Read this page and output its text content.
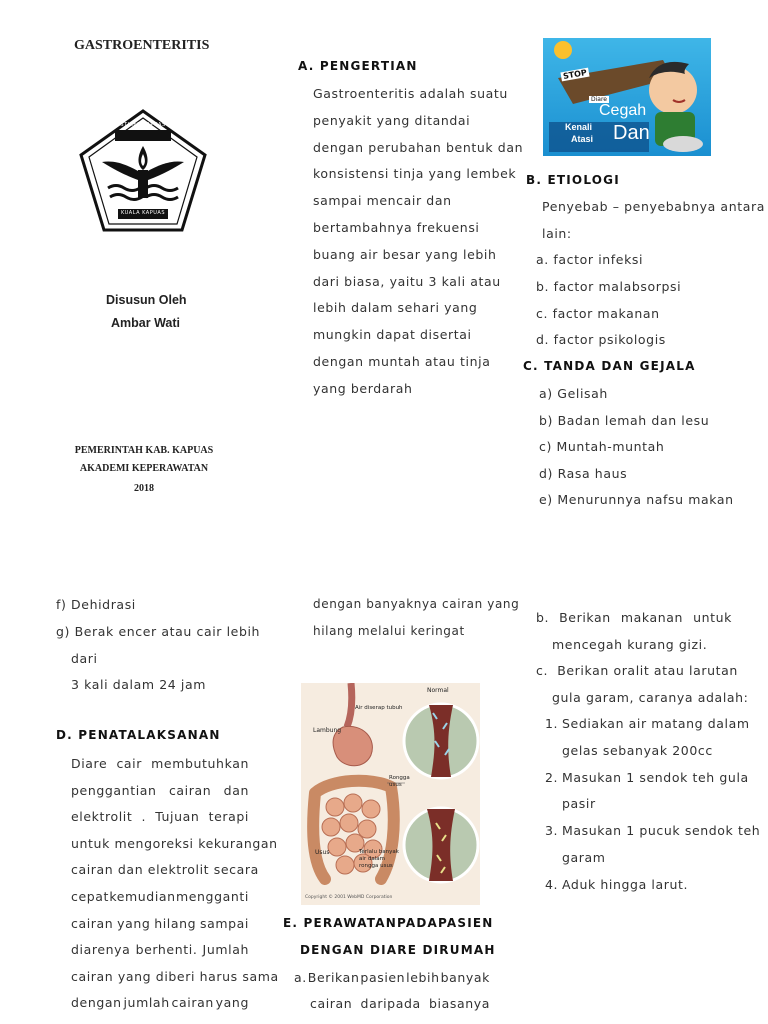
GASTROENTERITIS
STIKES KAPUAS
KUALA KAPUAS
Disusun Oleh
Ambar Wati
PEMERINTAH KAB. KAPUAS
AKADEMI KEPERAWATAN
2018
A. PENGERTIAN
Gastroenteritis adalah suatu
penyakit yang ditandai
dengan perubahan bentuk dan
konsistensi tinja yang lembek
sampai mencair dan
bertambahnya frekuensi
buang air besar yang lebih
dari biasa, yaitu 3 kali atau
lebih dalam sehari yang
mungkin dapat disertai
dengan muntah atau tinja
yang berdarah
STOP
Diare
Cegah
Kenali
Atasi Dan
B. ETIOLOGI
Penyebab – penyebabnya antara
lain:
a. factor infeksi
b. factor malabsorpsi
c. factor makanan
d. factor psikologis
C. TANDA DAN GEJALA
a) Gelisah
b) Badan lemah dan lesu
c) Muntah-muntah
d) Rasa haus
e) Menurunnya nafsu makan
f) Dehidrasi
g) Berak encer atau cair lebih
dari
3 kali dalam 24 jam
D. PENATALAKSANAN
Diare cair membutuhkan
penggantian cairan dan
elektrolit . Tujuan terapi
untuk mengoreksi kekurangan
cairan dan elektrolit secara
cepat kemudian mengganti
cairan yang hilang sampai
diarenya berhenti. Jumlah
cairan yang diberi harus sama
dengan jumlah cairan yang
dengan banyaknya cairan yang
hilang melalui keringat
Normal
Air diserap tubuh
Lambung
Rongga usus
Usus	Terlalu banyak air dalam rongga usus
Copyright © 2001 WebMD Corporation
E. PERAWATAN PADA PASIEN
DENGAN DIARE DIRUMAH
a. Berikan pasien lebih banyak
cairan daripada biasanya
b. Berikan makanan untuk
mencegah kurang gizi.
c.  Berikan oralit atau larutan
gula garam, caranya adalah:
1. Sediakan air matang dalam
gelas sebanyak 200cc
2. Masukan 1 sendok teh gula
pasir
3. Masukan 1 pucuk sendok teh
garam
4. Aduk hingga larut.
